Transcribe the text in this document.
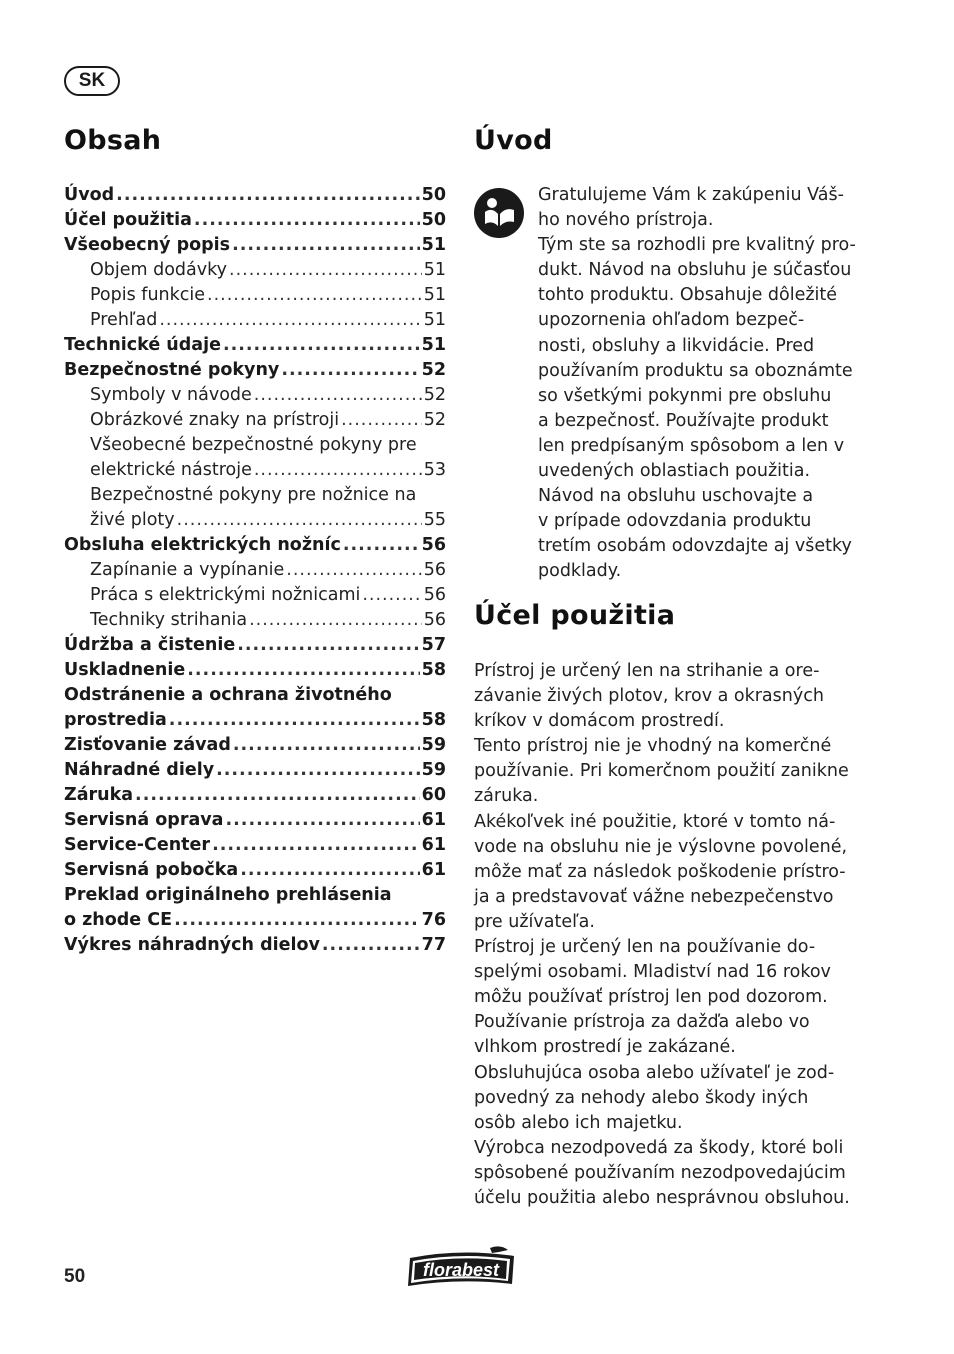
SK
Obsah
Úvod .....	50
Účel použitia .....	50
Všeobecný popis .....	51
Objem dodávky .....	51
Popis funkcie .....	51
Prehľad .....	51
Technické údaje .....	51
Bezpečnostné pokyny .....	52
Symboly v návode .....	52
Obrázkové znaky na prístroji .....	52
Všeobecné bezpečnostné pokyny pre
elektrické nástroje .....	53
Bezpečnostné pokyny pre nožnice na
živé ploty .....	55
Obsluha elektrických nožníc .....	56
Zapínanie a vypínanie .....	56
Práca s elektrickými nožnicami .....	56
Techniky strihania .....	56
Údržba a čistenie .....	57
Uskladnenie .....	58
Odstránenie a ochrana životného
prostredia .....	58
Zisťovanie závad .....	59
Náhradné diely .....	59
Záruka .....	60
Servisná oprava .....	61
Service-Center .....	61
Servisná pobočka .....	61
Preklad originálneho prehlásenia
o zhode CE .....	76
Výkres náhradných dielov .....	77
Úvod
Gratulujeme Vám k zakúpeniu Váš-
ho nového prístroja.
Tým ste sa rozhodli pre kvalitný pro-
dukt. Návod na obsluhu je súčasťou
tohto produktu. Obsahuje dôležité
upozornenia ohľadom bezpeč-
nosti, obsluhy a likvidácie. Pred
používaním produktu sa oboznámte
so všetkými pokynmi pre obsluhu
a bezpečnosť. Používajte produkt
len predpísaným spôsobom a len v
uvedených oblastiach použitia.
Návod na obsluhu uschovajte a
v prípade odovzdania produktu
tretím osobám odovzdajte aj všetky
podklady.
Účel použitia
Prístroj je určený len na strihanie a ore-
závanie živých plotov, krov a okrasných
kríkov v domácom prostredí.
Tento prístroj nie je vhodný na komerčné
používanie. Pri komerčnom použití zanikne
záruka.
Akékoľvek iné použitie, ktoré v tomto ná-
vode na obsluhu nie je výslovne povolené,
môže mať za následok poškodenie prístro-
ja a predstavovať vážne nebezpečenstvo
pre užívateľa.
Prístroj je určený len na používanie do-
spelými osobami. Mladiství nad 16 rokov
môžu používať prístroj len pod dozorom.
Používanie prístroja za dažďa alebo vo
vlhkom prostredí je zakázané.
Obsluhujúca osoba alebo užívateľ je zod-
povedný za nehody alebo škody iných
osôb alebo ich majetku.
Výrobca nezodpovedá za škody, ktoré boli
spôsobené používaním nezodpovedajúcim
účelu použitia alebo nesprávnou obsluhou.
50	florabest
